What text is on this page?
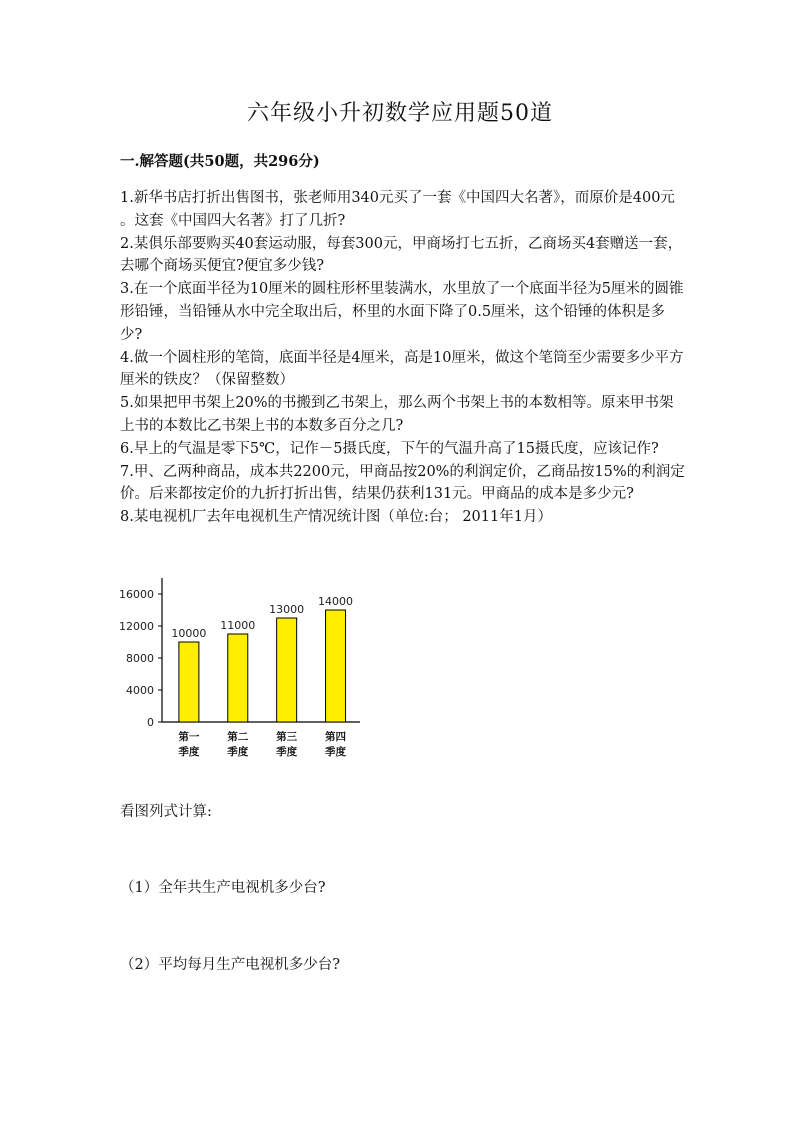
六年级小升初数学应用题50道
一.解答题(共50题，共296分)

1.新华书店打折出售图书，张老师用340元买了一套《中国四大名著》，而原价是400元 。这套《中国四大名著》打了几折?

2.某俱乐部要购买40套运动服，每套300元，甲商场打七五折，乙商场买4套赠送一套，去哪个商场买便宜?便宜多少钱?

3.在一个底面半径为10厘米的圆柱形杯里装满水，水里放了一个底面半径为5厘米的圆锥形铅锤，当铅锤从水中完全取出后，杯里的水面下降了0.5厘米，这个铅锤的体积是多少?

4.做一个圆柱形的笔筒，底面半径是4厘米，高是10厘米，做这个笔筒至少需要多少平方厘米的铁皮？（保留整数）

5.如果把甲书架上20%的书搬到乙书架上，那么两个书架上书的本数相等。原来甲书架上书的本数比乙书架上书的本数多百分之几?

6.早上的气温是零下5℃，记作－5摄氏度，下午的气温升高了15摄氏度，应该记作?

7.甲、乙两种商品，成本共2200元，甲商品按20%的利润定价，乙商品按15%的利润定价。后来都按定价的九折打折出售，结果仍获利131元。甲商品的成本是多少元?

8.某电视机厂去年电视机生产情况统计图（单位:台； 2011年1月）

0
4000
8000
12000
16000
10000
第一
季度
11000
第二
季度
13000
第三
季度
14000
第四
季度
看图列式计算:
（1）全年共生产电视机多少台?
（2）平均每月生产电视机多少台?
